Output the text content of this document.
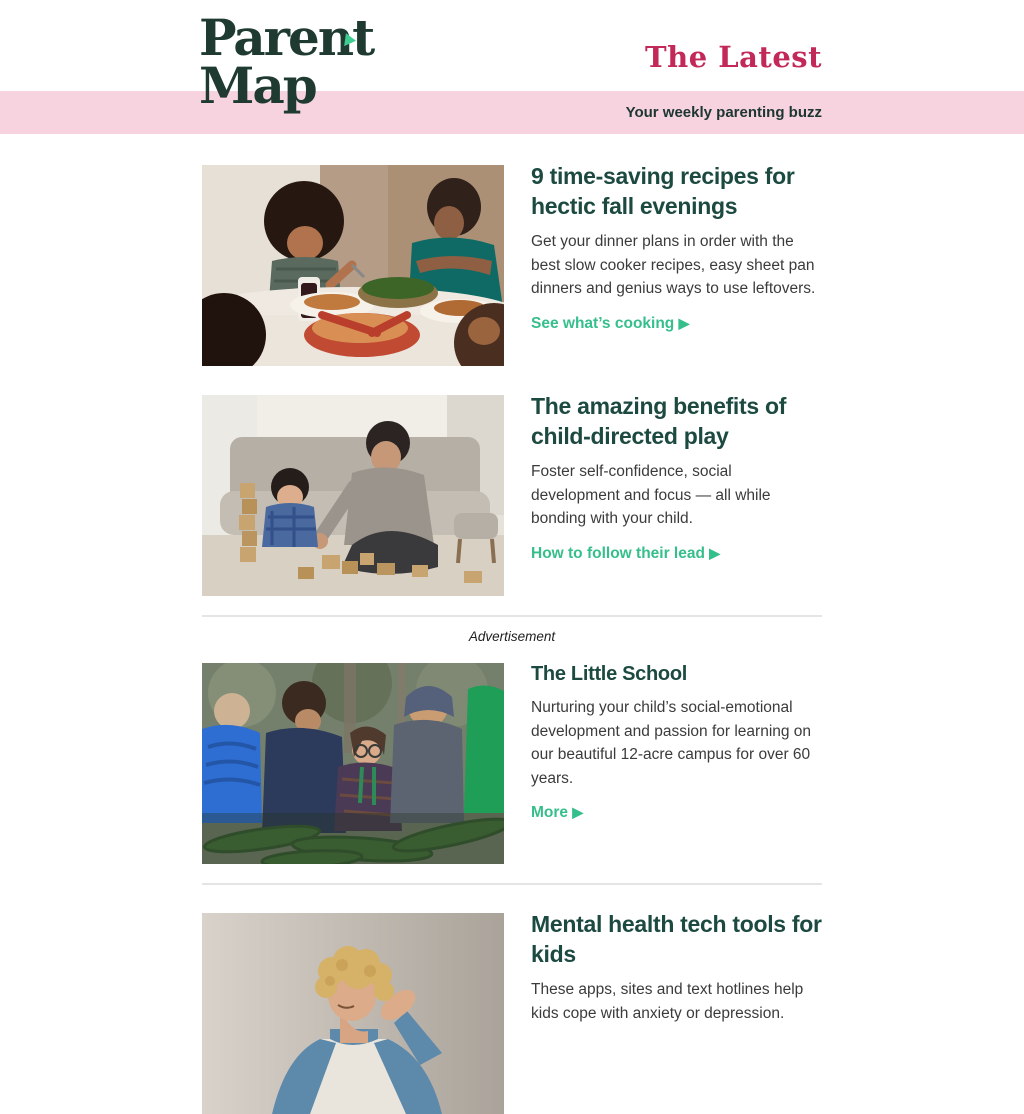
Parent
Map	The Latest
Your weekly parenting buzz
9 time-saving recipes for hectic fall evenings

Get your dinner plans in order with the best slow cooker recipes, easy sheet pan dinners and genius ways to use leftovers.

See what’s cooking ▶
The amazing benefits of child-directed play

Foster self-confidence, social development and focus — all while bonding with your child.

How to follow their lead ▶
Advertisement
The Little School

Nurturing your child’s social-emotional development and passion for learning on our beautiful 12-acre campus for over 60 years.

More ▶
Mental health tech tools for kids

These apps, sites and text hotlines help kids cope with anxiety or depression.
